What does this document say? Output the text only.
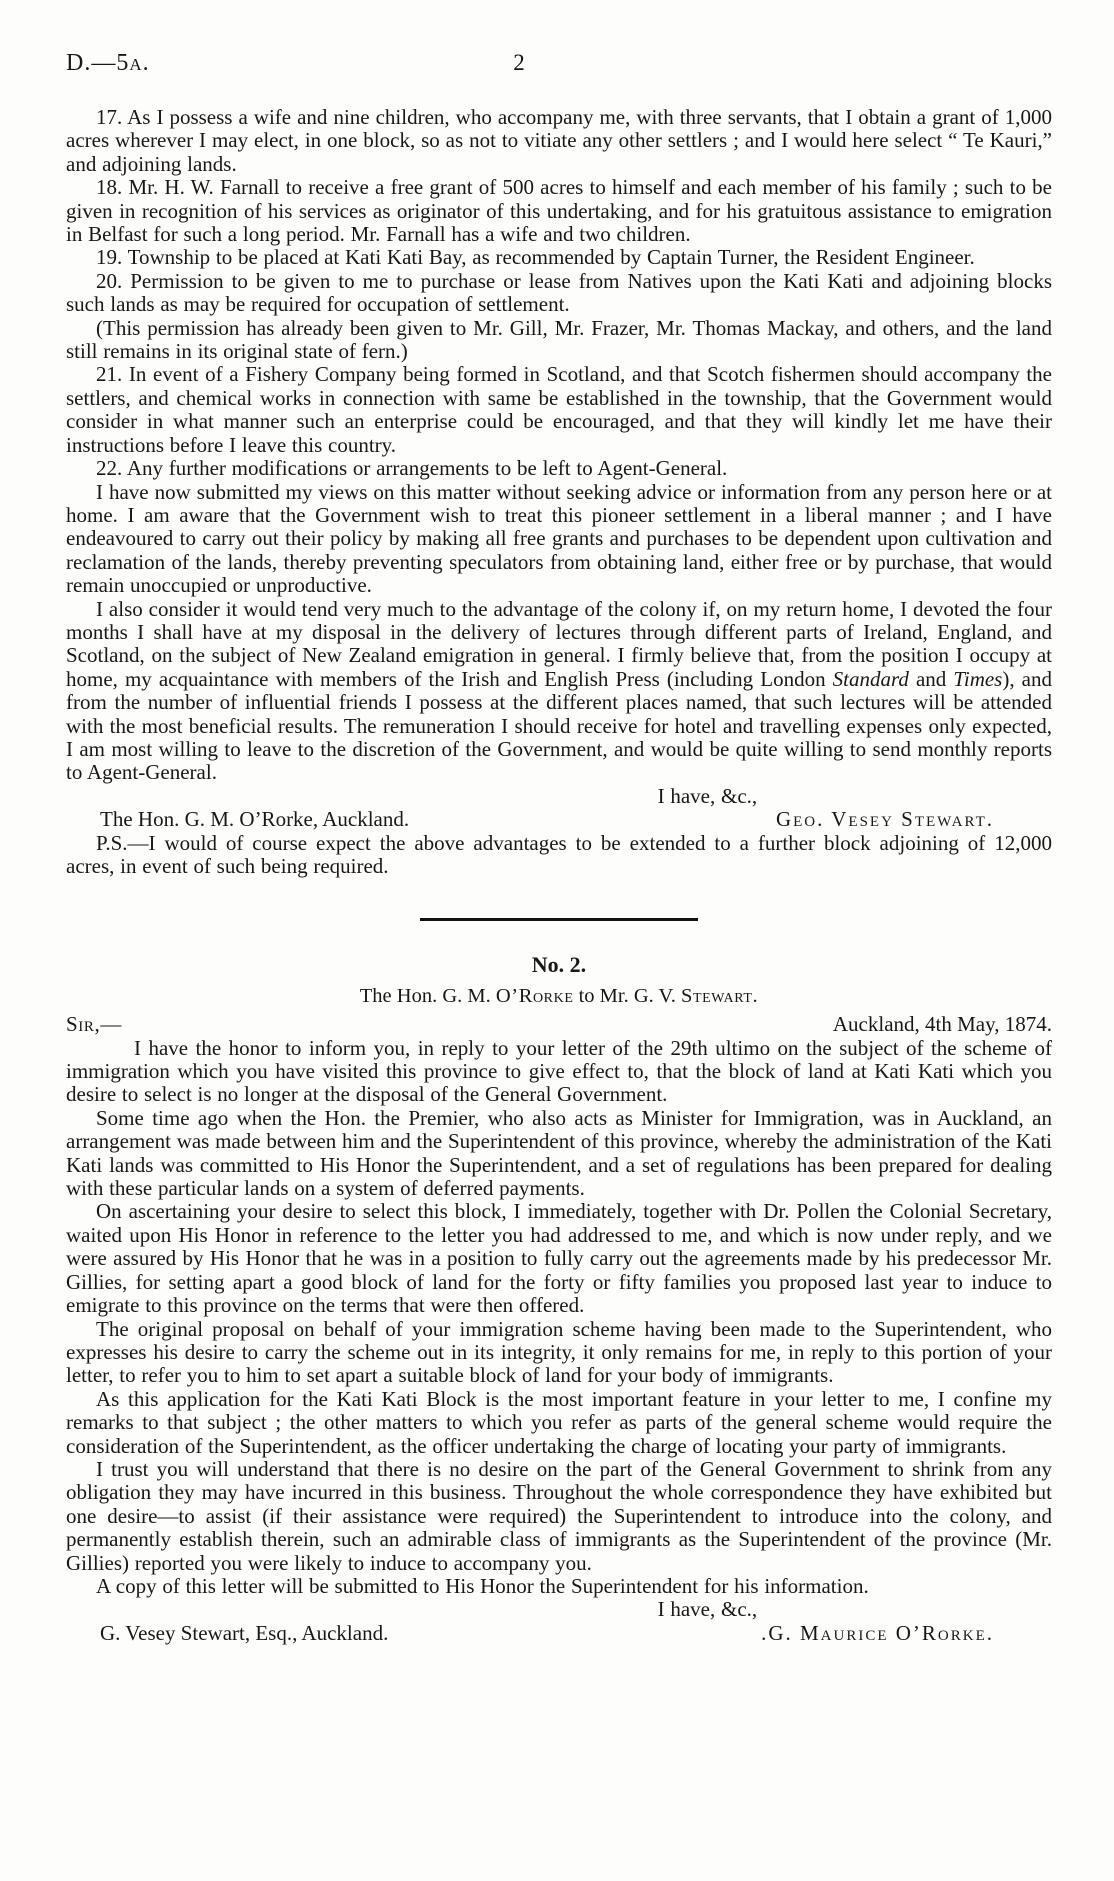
D.—5a.	2

17. As I possess a wife and nine children, who accompany me, with three servants, that I obtain a grant of 1,000 acres wherever I may elect, in one block, so as not to vitiate any other settlers ; and I would here select “ Te Kauri,” and adjoining lands.

18. Mr. H. W. Farnall to receive a free grant of 500 acres to himself and each member of his family ; such to be given in recognition of his services as originator of this undertaking, and for his gratuitous assistance to emigration in Belfast for such a long period. Mr. Farnall has a wife and two children.

19. Township to be placed at Kati Kati Bay, as recommended by Captain Turner, the Resident Engineer.

20. Permission to be given to me to purchase or lease from Natives upon the Kati Kati and adjoining blocks such lands as may be required for occupation of settlement.

(This permission has already been given to Mr. Gill, Mr. Frazer, Mr. Thomas Mackay, and others, and the land still remains in its original state of fern.)

21. In event of a Fishery Company being formed in Scotland, and that Scotch fishermen should accompany the settlers, and chemical works in connection with same be established in the township, that the Government would consider in what manner such an enterprise could be encouraged, and that they will kindly let me have their instructions before I leave this country.

22. Any further modifications or arrangements to be left to Agent-General.

I have now submitted my views on this matter without seeking advice or information from any person here or at home. I am aware that the Government wish to treat this pioneer settlement in a liberal manner ; and I have endeavoured to carry out their policy by making all free grants and purchases to be dependent upon cultivation and reclamation of the lands, thereby preventing speculators from obtaining land, either free or by purchase, that would remain unoccupied or unproductive.

I also consider it would tend very much to the advantage of the colony if, on my return home, I devoted the four months I shall have at my disposal in the delivery of lectures through different parts of Ireland, England, and Scotland, on the subject of New Zealand emigration in general. I firmly believe that, from the position I occupy at home, my acquaintance with members of the Irish and English Press (including London Standard and Times), and from the number of influential friends I possess at the different places named, that such lectures will be attended with the most beneficial results. The remuneration I should receive for hotel and travelling expenses only expected, I am most willing to leave to the discretion of the Government, and would be quite willing to send monthly reports to Agent-General.

I have, &c.,

The Hon. G. M. O’Rorke, Auckland.	Geo. Vesey Stewart.

P.S.—I would of course expect the above advantages to be extended to a further block adjoining of 12,000 acres, in event of such being required.

No. 2.
The Hon. G. M. O’Rorke to Mr. G. V. Stewart.
Sir,—	Auckland, 4th May, 1874.

I have the honor to inform you, in reply to your letter of the 29th ultimo on the subject of the scheme of immigration which you have visited this province to give effect to, that the block of land at Kati Kati which you desire to select is no longer at the disposal of the General Government.

Some time ago when the Hon. the Premier, who also acts as Minister for Immigration, was in Auckland, an arrangement was made between him and the Superintendent of this province, whereby the administration of the Kati Kati lands was committed to His Honor the Superintendent, and a set of regulations has been prepared for dealing with these particular lands on a system of deferred payments.

On ascertaining your desire to select this block, I immediately, together with Dr. Pollen the Colonial Secretary, waited upon His Honor in reference to the letter you had addressed to me, and which is now under reply, and we were assured by His Honor that he was in a position to fully carry out the agreements made by his predecessor Mr. Gillies, for setting apart a good block of land for the forty or fifty families you proposed last year to induce to emigrate to this province on the terms that were then offered.

The original proposal on behalf of your immigration scheme having been made to the Superintendent, who expresses his desire to carry the scheme out in its integrity, it only remains for me, in reply to this portion of your letter, to refer you to him to set apart a suitable block of land for your body of immigrants.

As this application for the Kati Kati Block is the most important feature in your letter to me, I confine my remarks to that subject ; the other matters to which you refer as parts of the general scheme would require the consideration of the Superintendent, as the officer undertaking the charge of locating your party of immigrants.

I trust you will understand that there is no desire on the part of the General Government to shrink from any obligation they may have incurred in this business. Throughout the whole correspondence they have exhibited but one desire—to assist (if their assistance were required) the Superintendent to introduce into the colony, and permanently establish therein, such an admirable class of immigrants as the Superintendent of the province (Mr. Gillies) reported you were likely to induce to accompany you.

A copy of this letter will be submitted to His Honor the Superintendent for his information.

I have, &c.,

G. Vesey Stewart, Esq., Auckland.	.G. Maurice O’Rorke.
